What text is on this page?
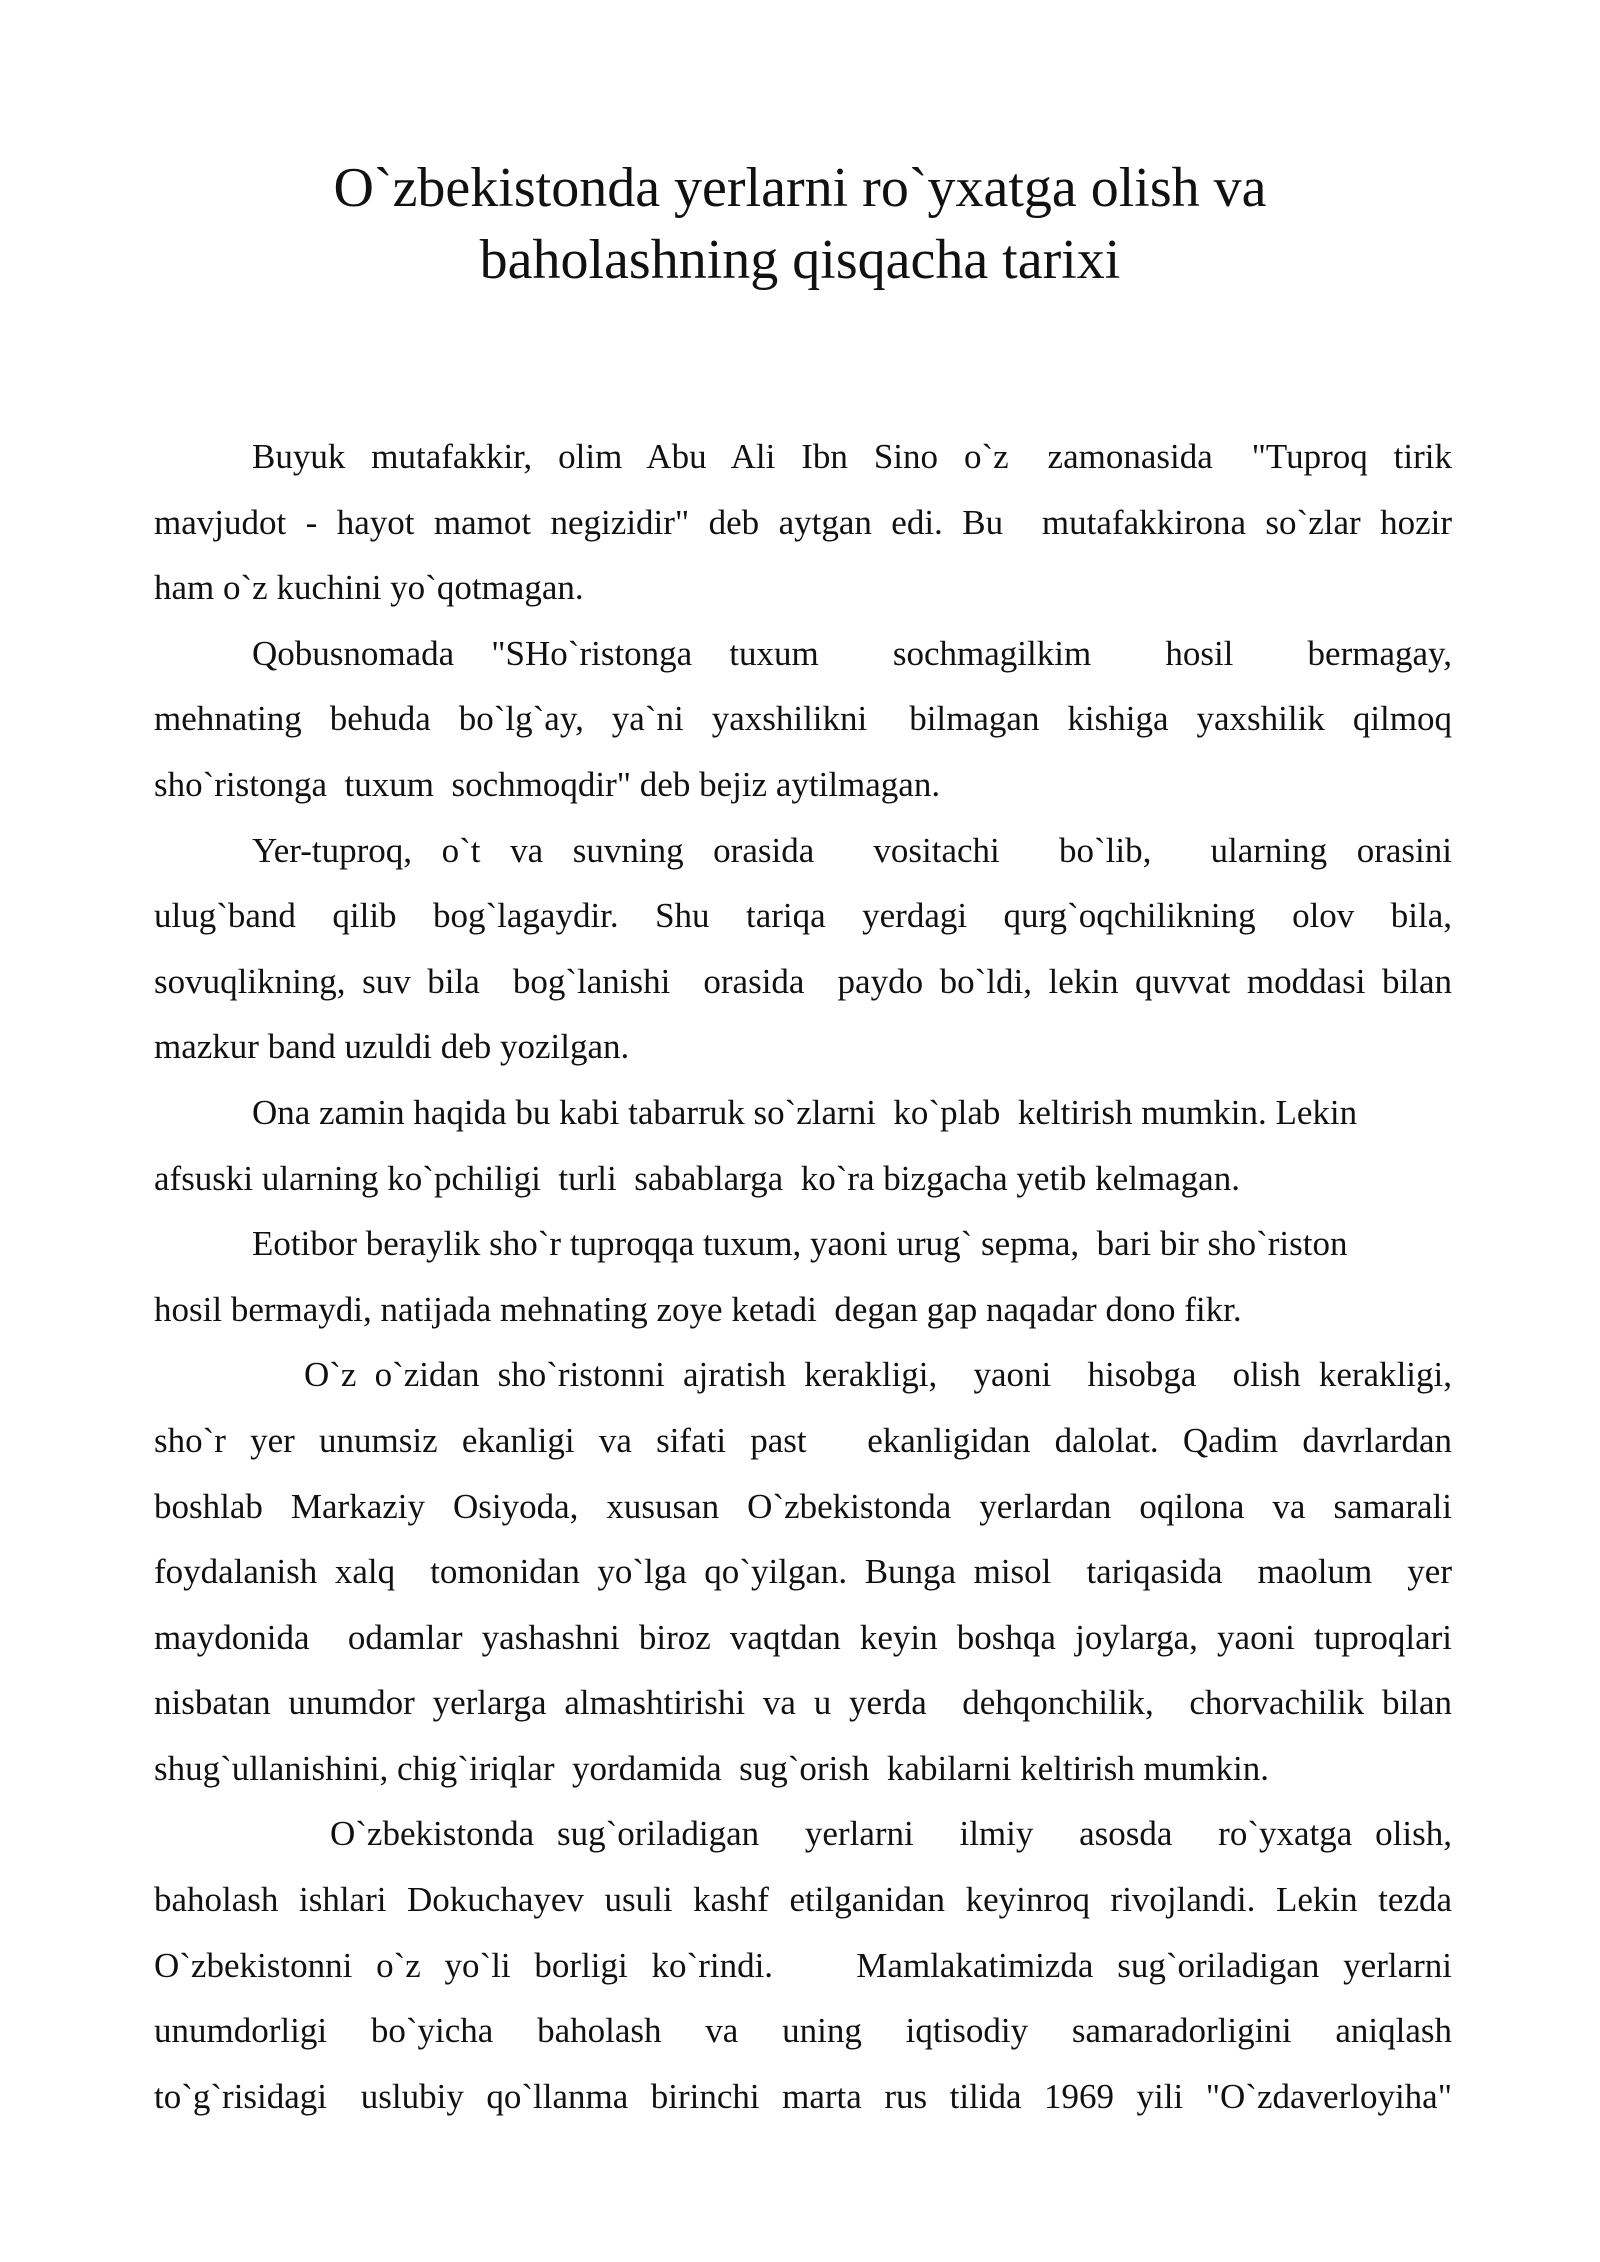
O`zbekistonda yerlarni ro`yxatga olish va
baholashning qisqacha tarixi
Buyuk  mutafakkir,  olim  Abu  Ali  Ibn  Sino  o`z   zamonasida   "Tuproq  tirik
mavjudot - hayot mamot negizidir" deb aytgan edi. Bu  mutafakkirona so`zlar hozir
ham o`z kuchini yo`qotmagan.
Qobusnomada  "SHo`ristonga  tuxum    sochmagilkim    hosil    bermagay,
mehnating  behuda  bo`lg`ay,  ya`ni  yaxshilikni   bilmagan  kishiga  yaxshilik  qilmoq
sho`ristonga  tuxum  sochmoqdir" deb bejiz aytilmagan.
Yer-tuproq,  o`t  va  suvning  orasida    vositachi    bo`lib,    ularning  orasini
ulug`band  qilib  bog`lagaydir.  Shu  tariqa  yerdagi  qurg`oqchilikning  olov  bila,
sovuqlikning, suv bila  bog`lanishi  orasida  paydo bo`ldi, lekin quvvat moddasi bilan
mazkur band uzuldi deb yozilgan.
Ona zamin haqida bu kabi tabarruk so`zlarni  ko`plab  keltirish mumkin. Lekin
afsuski ularning ko`pchiligi  turli  sabablarga  ko`ra bizgacha yetib kelmagan.
Eotibor beraylik sho`r tuproqqa tuxum, yaoni urug` sepma,  bari bir sho`riston
hosil bermaydi, natijada mehnating zoye ketadi  degan gap naqadar dono fikr.
O`z o`zidan sho`ristonni ajratish kerakligi,  yaoni  hisobga  olish kerakligi,
sho`r  yer  unumsiz  ekanligi  va  sifati  past     ekanligidan  dalolat.  Qadim  davrlardan
boshlab  Markaziy  Osiyoda,  xususan  O`zbekistonda  yerlardan  oqilona  va  samarali
foydalanish xalq  tomonidan yo`lga qo`yilgan. Bunga misol  tariqasida  maolum  yer
maydonida  odamlar yashashni biroz vaqtdan keyin boshqa joylarga, yaoni tuproqlari
nisbatan unumdor yerlarga almashtirishi va u yerda  dehqonchilik,  chorvachilik bilan
shug`ullanishini, chig`iriqlar  yordamida  sug`orish  kabilarni keltirish mumkin.
O`zbekistonda  sug`oriladigan    yerlarni    ilmiy    asosda    ro`yxatga  olish,
baholash ishlari Dokuchayev usuli kashf etilganidan keyinroq rivojlandi. Lekin tezda
O`zbekistonni  o`z  yo`li  borligi  ko`rindi.       Mamlakatimizda  sug`oriladigan  yerlarni
unumdorligi    bo`yicha    baholash    va    uning    iqtisodiy    samaradorligini    aniqlash
to`g`risidagi   uslubiy  qo`llanma  birinchi  marta  rus  tilida  1969  yili  "O`zdaverloyiha"
